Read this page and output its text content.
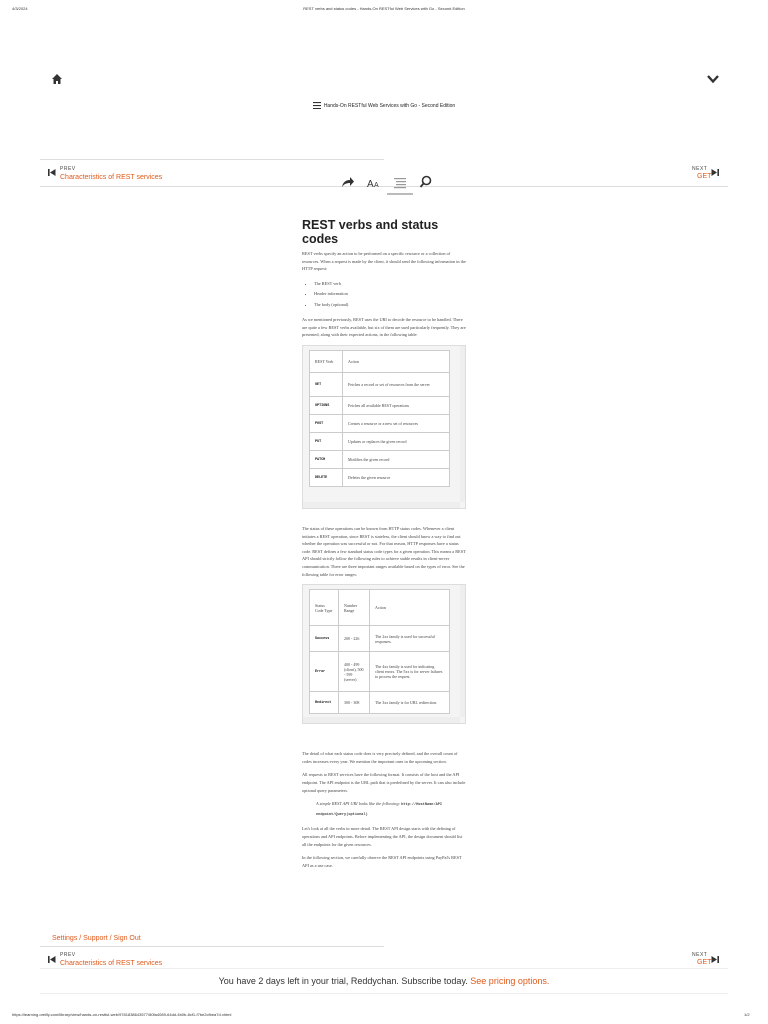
4/3/2024	REST verbs and status codes - Hands-On RESTful Web Services with Go - Second Edition
Hands-On RESTful Web Services with Go - Second Edition
PREV
Characteristics of REST services
NEXT
GET
A A
REST verbs and status codes

REST verbs specify an action to be performed on a specific resource or a collection of resources. When a request is made by the client, it should send the following information in the HTTP request:

• The REST verb
• Header information
• The body (optional)

As we mentioned previously, REST uses the URI to decode the resource to be handled. There are quite a few REST verbs available, but six of them are used particularly frequently. They are presented, along with their expected actions, in the following table:

REST Verb	Action
GET	Fetches a record or set of resources from the server
OPTIONS	Fetches all available REST operations
POST	Creates a resource or a new set of resources
PUT	Updates or replaces the given record
PATCH	Modifies the given record
DELETE	Deletes the given resource

The status of these operations can be known from HTTP status codes. Whenever a client initiates a REST operation, since REST is stateless, the client should know a way to find out whether the operation was successful or not. For that reason, HTTP responses have a status code. REST defines a few standard status code types for a given operation. This means a REST API should strictly follow the following rules to achieve stable results in client-server communication. There are three important ranges available based on the types of error. See the following table for error ranges:

Status Code Type	Number Range	Action
Success	200 - 226	The 2xx family is used for successful responses.
Error	400 - 499 (client), 500 - 599 (server)	The 4xx family is used for indicating client errors. The 5xx is for server failures to process the request.
Redirect	300 - 308	The 3xx family is for URL redirection.

The detail of what each status code does is very precisely defined, and the overall count of codes increases every year. We mention the important ones in the upcoming section.

All requests to REST services have the following format. It consists of the host and the API endpoint. The API endpoint is the URL path that is predefined by the server. It can also include optional query parameters.

A simple REST API URI looks like the following: http://HostName/API endpoint/Query(optional)

Let's look at all the verbs in more detail. The REST API design starts with the defining of operations and API endpoints. Before implementing the API, the design document should list all the endpoints for the given resources.

In the following section, we carefully observe the REST API endpoints using PayPal's REST API as a use case.

Settings / Support / Sign Out
PREV
Characteristics of REST services
NEXT
GET
You have 2 days left in your trial, Reddychan. Subscribe today. See pricing options.
https://learning.oreilly.com/library/view/hands-on-restful-web/9781838643577/80fa4089-64dd-4b0b-8cf1-f7be2cfbea7d.xhtml	1/2
